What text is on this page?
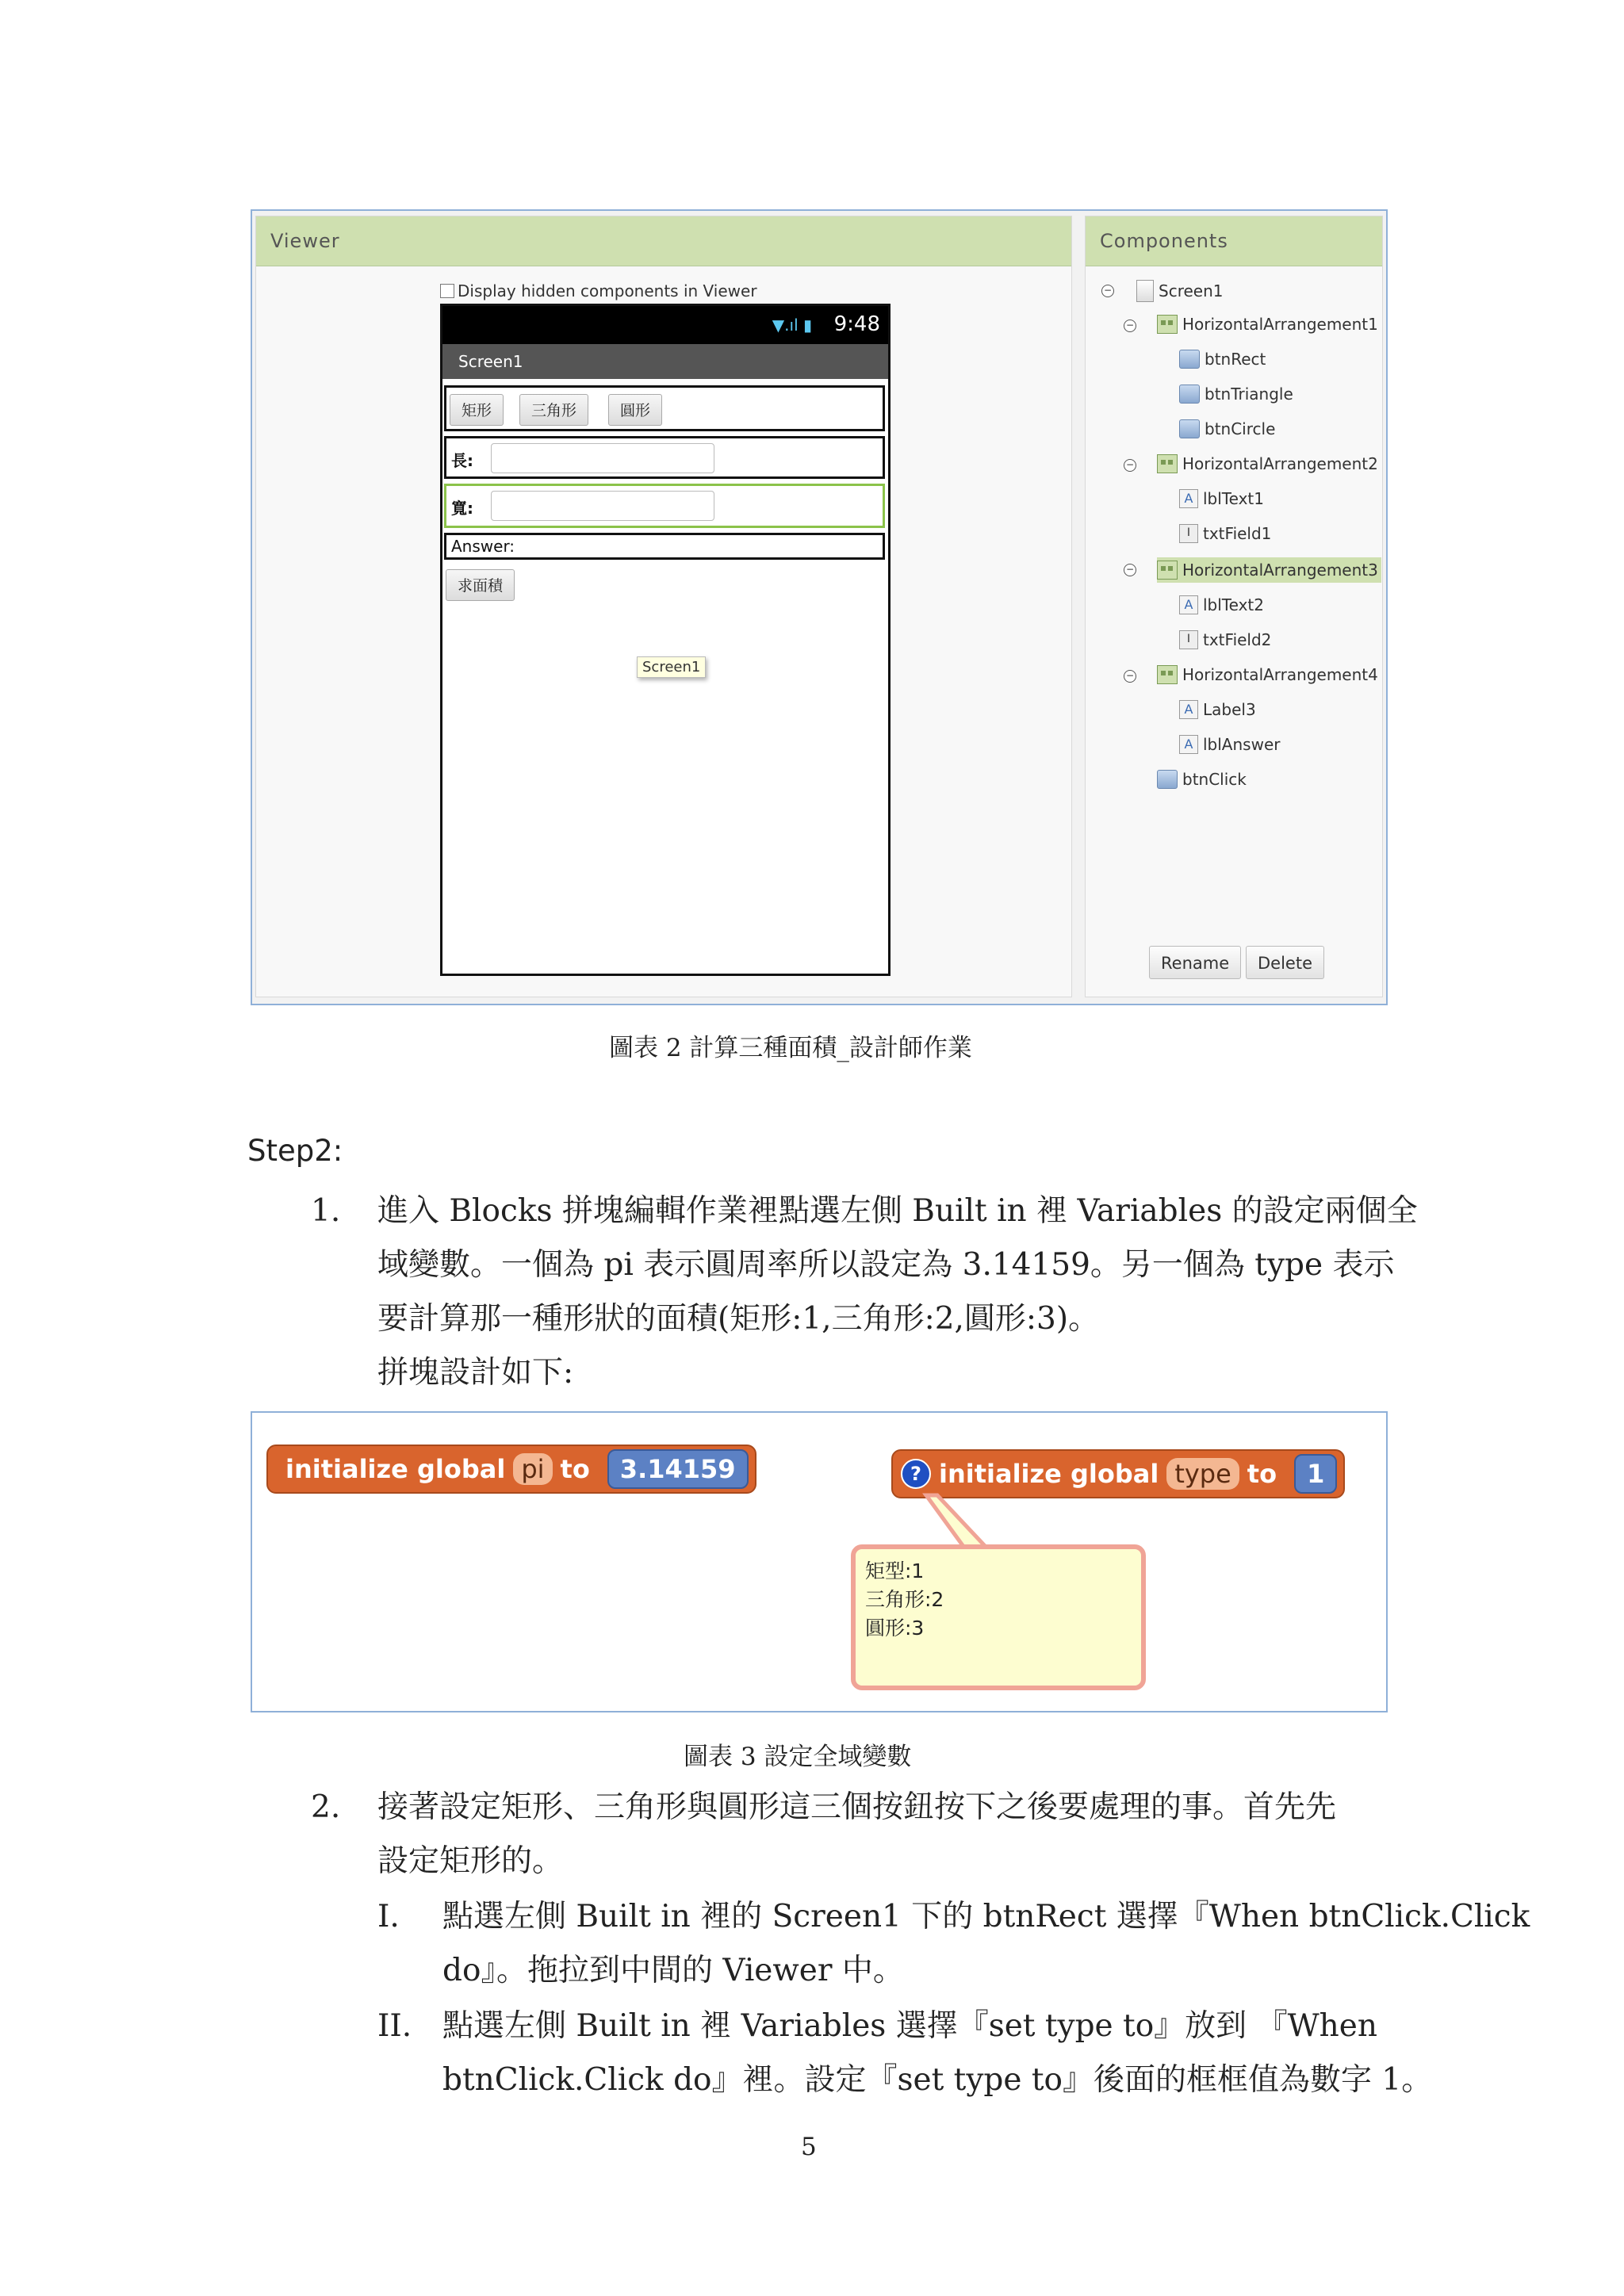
Viewer
Display hidden components in Viewer
▼.ıl ▮ 9:48
Screen1
矩形	三角形	圓形
長:
寬:
Answer:
求面積
Screen1
Components
−	Screen1
−	HorizontalArrangement1
btnRect
btnTriangle
btnCircle
−	HorizontalArrangement2
A lblText1
I txtField1
−	HorizontalArrangement3
A lblText2
I txtField2
−	HorizontalArrangement4
A Label3
A lblAnswer
btnClick
Rename	Delete
圖表 2 計算三種面積_設計師作業
Step2:
1. 進入 Blocks 拼塊編輯作業裡點選左側 Built in 裡 Variables 的設定兩個全
域變數。一個為 pi 表示圓周率所以設定為 3.14159。另一個為 type 表示
要計算那一種形狀的面積(矩形:1,三角形:2,圓形:3)。
拼塊設計如下:
initialize global pi to	3.14159	? initialize global type to	1
矩型:1
三角形:2
圓形:3
圖表 3 設定全域變數
2. 接著設定矩形、三角形與圓形這三個按鈕按下之後要處理的事。首先先
設定矩形的。
I. 點選左側 Built in 裡的 Screen1 下的 btnRect 選擇『When btnClick.Click
do』。拖拉到中間的 Viewer 中。
II. 點選左側 Built in 裡 Variables 選擇『set type to』放到 『When
btnClick.Click do』裡。設定『set type to』後面的框框值為數字 1。
5
